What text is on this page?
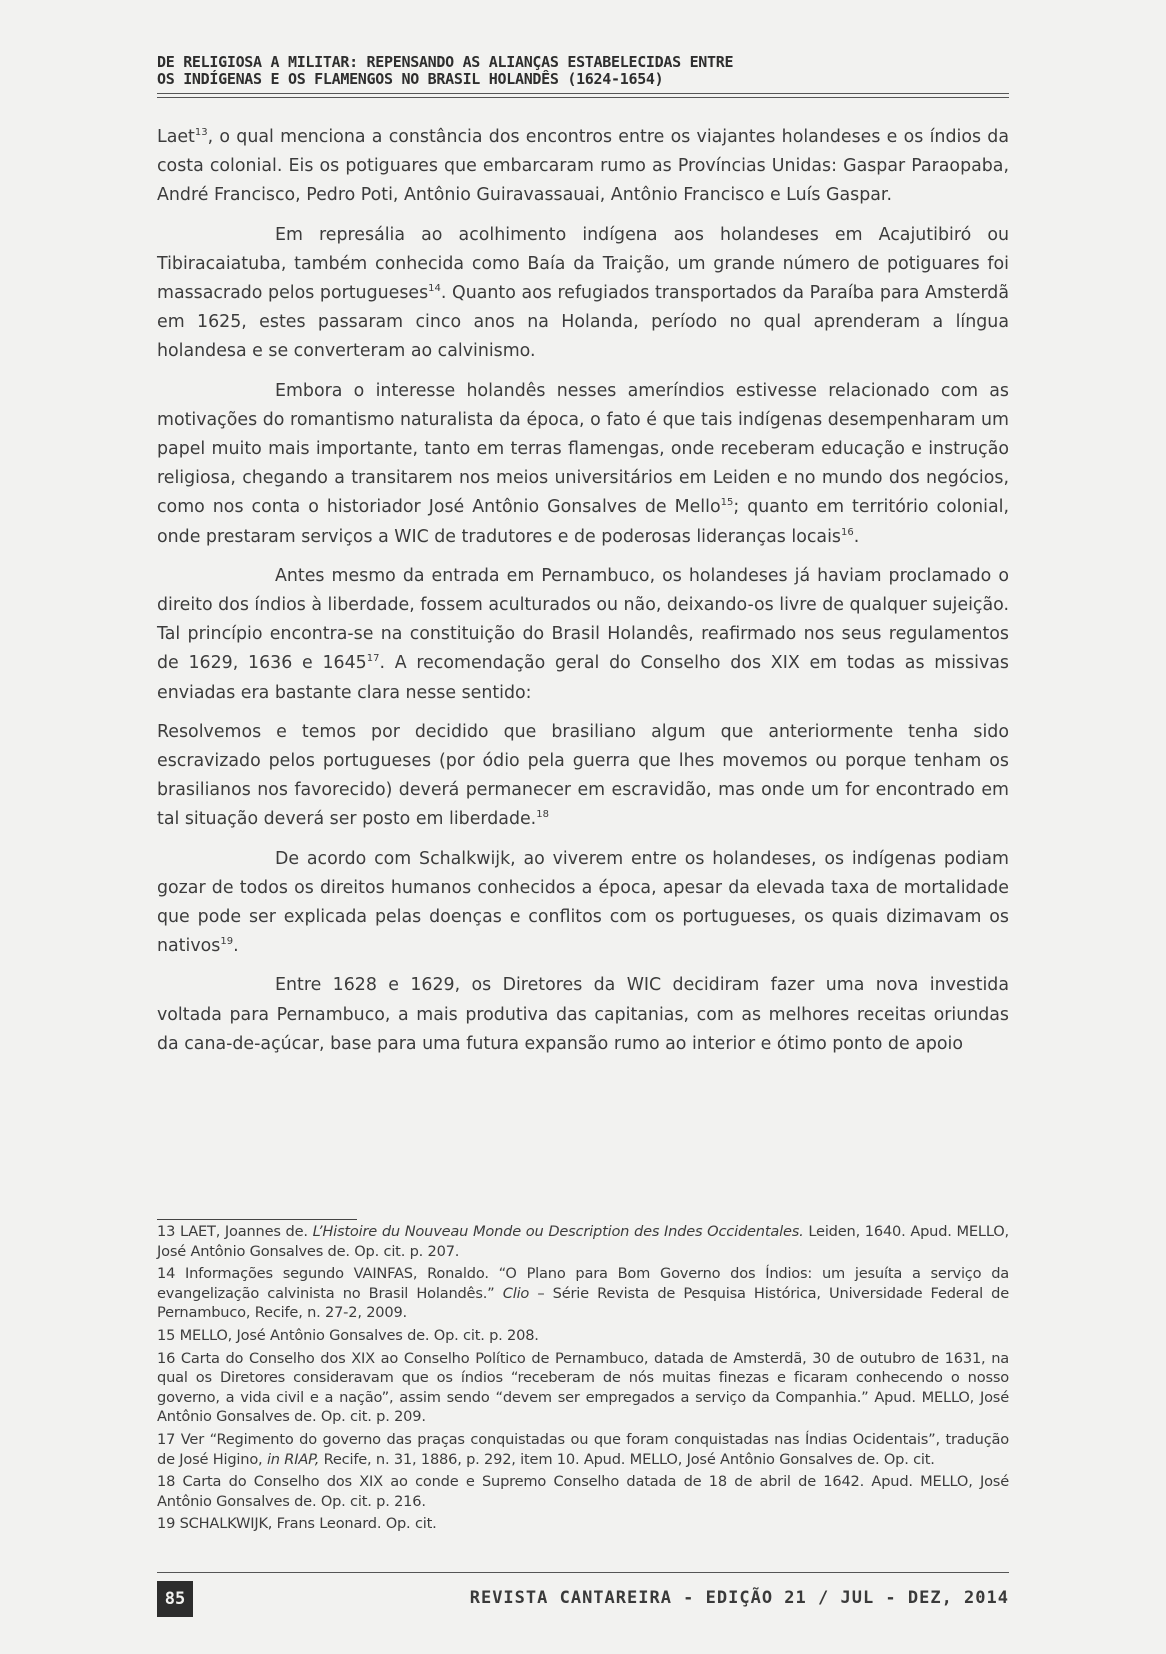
DE RELIGIOSA A MILITAR: REPENSANDO AS ALIANÇAS ESTABELECIDAS ENTRE
OS INDÍGENAS E OS FLAMENGOS NO BRASIL HOLANDÊS (1624-1654)

Laet$^{13}$, o qual menciona a constância dos encontros entre os viajantes holandeses e os índios da costa colonial. Eis os potiguares que embarcaram rumo as Províncias Unidas: Gaspar Paraopaba, André Francisco, Pedro Poti, Antônio Guiravassauai, Antônio Francisco e Luís Gaspar.

Em represália ao acolhimento indígena aos holandeses em Acajutibiró ou Tibiracaiatuba, também conhecida como Baía da Traição, um grande número de potiguares foi massacrado pelos portugueses$^{14}$. Quanto aos refugiados transportados da Paraíba para Amsterdã em 1625, estes passaram cinco anos na Holanda, período no qual aprenderam a língua holandesa e se converteram ao calvinismo.

Embora o interesse holandês nesses ameríndios estivesse relacionado com as motivações do romantismo naturalista da época, o fato é que tais indígenas desempenharam um papel muito mais importante, tanto em terras flamengas, onde receberam educação e instrução religiosa, chegando a transitarem nos meios universitários em Leiden e no mundo dos negócios, como nos conta o historiador José Antônio Gonsalves de Mello$^{15}$; quanto em território colonial, onde prestaram serviços a WIC de tradutores e de poderosas lideranças locais$^{16}$.

Antes mesmo da entrada em Pernambuco, os holandeses já haviam proclamado o direito dos índios à liberdade, fossem aculturados ou não, deixando-os livre de qualquer sujeição. Tal princípio encontra-se na constituição do Brasil Holandês, reafirmado nos seus regulamentos de 1629, 1636 e 1645$^{17}$. A recomendação geral do Conselho dos XIX em todas as missivas enviadas era bastante clara nesse sentido:

Resolvemos e temos por decidido que brasiliano algum que anteriormente tenha sido escravizado pelos portugueses (por ódio pela guerra que lhes movemos ou porque tenham os brasilianos nos favorecido) deverá permanecer em escravidão, mas onde um for encontrado em tal situação deverá ser posto em liberdade.$^{18}$

De acordo com Schalkwijk, ao viverem entre os holandeses, os indígenas podiam gozar de todos os direitos humanos conhecidos a época, apesar da elevada taxa de mortalidade que pode ser explicada pelas doenças e conflitos com os portugueses, os quais dizimavam os nativos$^{19}$.

Entre 1628 e 1629, os Diretores da WIC decidiram fazer uma nova investida voltada para Pernambuco, a mais produtiva das capitanias, com as melhores receitas oriundas da cana-de-açúcar, base para uma futura expansão rumo ao interior e ótimo ponto de apoio

13 LAET, Joannes de. L’Histoire du Nouveau Monde ou Description des Indes Occidentales. Leiden, 1640. Apud. MELLO, José Antônio Gonsalves de. Op. cit. p. 207.
14 Informações segundo VAINFAS, Ronaldo. “O Plano para Bom Governo dos Índios: um jesuíta a serviço da evangelização calvinista no Brasil Holandês.” Clio – Série Revista de Pesquisa Histórica, Universidade Federal de Pernambuco, Recife, n. 27-2, 2009.
15 MELLO, José Antônio Gonsalves de. Op. cit. p. 208.
16 Carta do Conselho dos XIX ao Conselho Político de Pernambuco, datada de Amsterdã, 30 de outubro de 1631, na qual os Diretores consideravam que os índios “receberam de nós muitas finezas e ficaram conhecendo o nosso governo, a vida civil e a nação”, assim sendo “devem ser empregados a serviço da Companhia.” Apud. MELLO, José Antônio Gonsalves de. Op. cit. p. 209.
17 Ver “Regimento do governo das praças conquistadas ou que foram conquistadas nas Índias Ocidentais”, tradução de José Higino, in RIAP, Recife, n. 31, 1886, p. 292, item 10. Apud. MELLO, José Antônio Gonsalves de. Op. cit.
18 Carta do Conselho dos XIX ao conde e Supremo Conselho datada de 18 de abril de 1642. Apud. MELLO, José Antônio Gonsalves de. Op. cit. p. 216.
19 SCHALKWIJK, Frans Leonard. Op. cit.
85	REVISTA CANTAREIRA - EDIÇÃO 21 / JUL - DEZ, 2014
